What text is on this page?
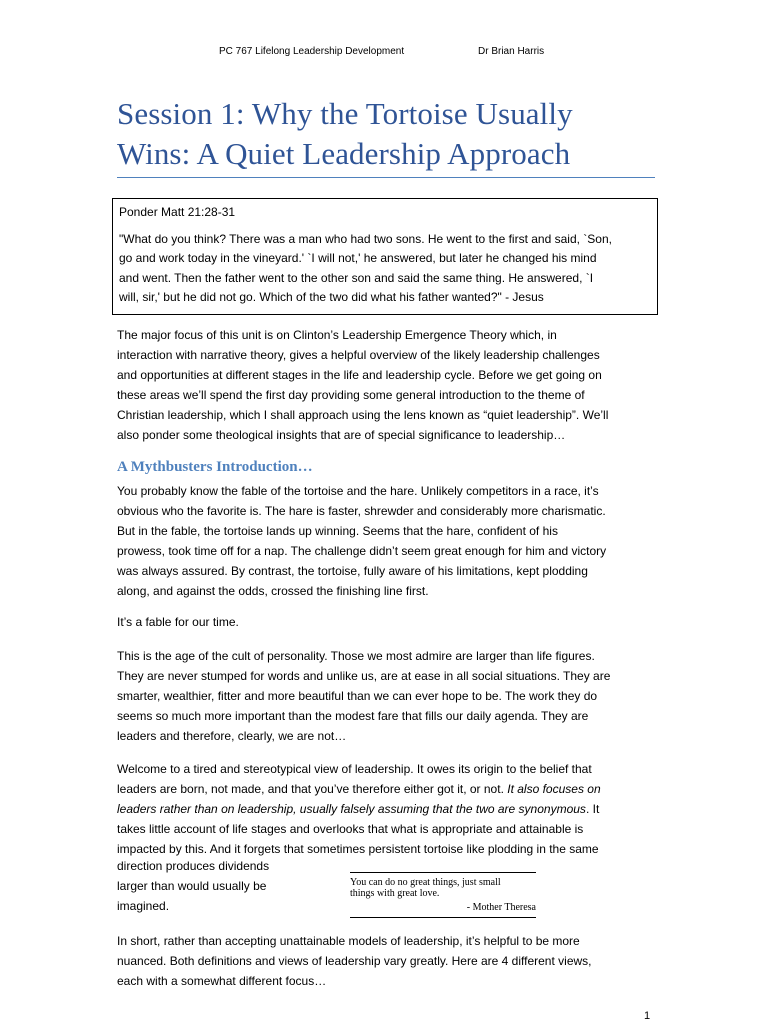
PC 767 Lifelong Leadership Development	Dr Brian Harris
Session 1: Why the Tortoise Usually
Wins: A Quiet Leadership Approach
Ponder Matt 21:28-31
"What do you think? There was a man who had two sons. He went to the first and said, `Son,
go and work today in the vineyard.' `I will not,' he answered, but later he changed his mind
and went. Then the father went to the other son and said the same thing. He answered, `I
will, sir,' but he did not go. Which of the two did what his father wanted?" - Jesus
The major focus of this unit is on Clinton’s Leadership Emergence Theory which, in
interaction with narrative theory, gives a helpful overview of the likely leadership challenges
and opportunities at different stages in the life and leadership cycle. Before we get going on
these areas we’ll spend the first day providing some general introduction to the theme of
Christian leadership, which I shall approach using the lens known as “quiet leadership”. We’ll
also ponder some theological insights that are of special significance to leadership…
A Mythbusters Introduction…
You probably know the fable of the tortoise and the hare. Unlikely competitors in a race, it’s
obvious who the favorite is. The hare is faster, shrewder and considerably more charismatic.
But in the fable, the tortoise lands up winning. Seems that the hare, confident of his
prowess, took time off for a nap. The challenge didn’t seem great enough for him and victory
was always assured. By contrast, the tortoise, fully aware of his limitations, kept plodding
along, and against the odds, crossed the finishing line first.
It’s a fable for our time.
This is the age of the cult of personality. Those we most admire are larger than life figures.
They are never stumped for words and unlike us, are at ease in all social situations. They are
smarter, wealthier, fitter and more beautiful than we can ever hope to be. The work they do
seems so much more important than the modest fare that fills our daily agenda. They are
leaders and therefore, clearly, we are not…
Welcome to a tired and stereotypical view of leadership. It owes its origin to the belief that
leaders are born, not made, and that you’ve therefore either got it, or not. It also focuses on
leaders rather than on leadership, usually falsely assuming that the two are synonymous. It
takes little account of life stages and overlooks that what is appropriate and attainable is
impacted by this. And it forgets that sometimes persistent tortoise like plodding in the same
direction produces dividends
larger than would usually be
imagined.
You can do no great things, just small
things with great love.
- Mother Theresa
In short, rather than accepting unattainable models of leadership, it’s helpful to be more
nuanced. Both definitions and views of leadership vary greatly. Here are 4 different views,
each with a somewhat different focus…
1
